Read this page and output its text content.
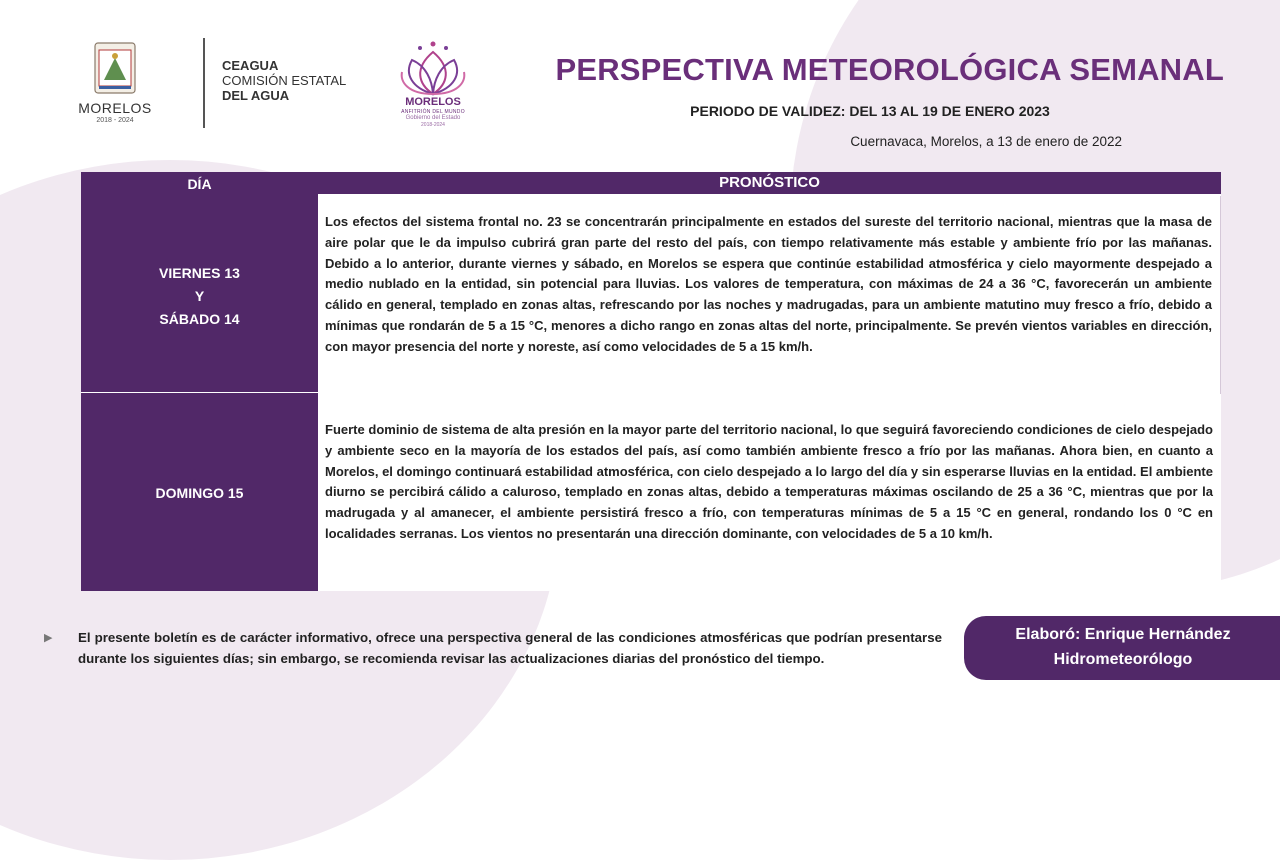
MORELOS
2018 - 2024
CEAGUA
COMISIÓN ESTATAL
DEL AGUA	MORELOS
ANFITRIÓN DEL MUNDO
Gobierno del Estado
2018-2024
PERSPECTIVA METEOROLÓGICA SEMANAL
PERIODO DE VALIDEZ: DEL 13 AL 19 DE ENERO 2023
Cuernavaca, Morelos, a 13 de enero de 2022
DÍA	PRONÓSTICO
VIERNES 13
Y
SÁBADO 14
DOMINGO 15
Los efectos del sistema frontal no. 23 se concentrarán principalmente en estados del sureste del territorio nacional, mientras que la masa de aire polar que le da impulso cubrirá gran parte del resto del país, con tiempo relativamente más estable y ambiente frío por las mañanas. Debido a lo anterior, durante viernes y sábado, en Morelos se espera que continúe estabilidad atmosférica y cielo mayormente despejado a medio nublado en la entidad, sin potencial para lluvias. Los valores de temperatura, con máximas de 24 a 36 °C, favorecerán un ambiente cálido en general, templado en zonas altas, refrescando por las noches y madrugadas, para un ambiente matutino muy fresco a frío, debido a mínimas que rondarán de 5 a 15 °C, menores a dicho rango en zonas altas del norte, principalmente. Se prevén vientos variables en dirección, con mayor presencia del norte y noreste, así como velocidades de 5 a 15 km/h.
Fuerte dominio de sistema de alta presión en la mayor parte del territorio nacional, lo que seguirá favoreciendo condiciones de cielo despejado y ambiente seco en la mayoría de los estados del país, así como también ambiente fresco a frío por las mañanas. Ahora bien, en cuanto a Morelos, el domingo continuará estabilidad atmosférica, con cielo despejado a lo largo del día y sin esperarse lluvias en la entidad. El ambiente diurno se percibirá cálido a caluroso, templado en zonas altas, debido a temperaturas máximas oscilando de 25 a 36 °C, mientras que por la madrugada y al amanecer, el ambiente persistirá fresco a frío, con temperaturas mínimas de 5 a 15 °C en general, rondando los 0 °C en localidades serranas. Los vientos no presentarán una dirección dominante, con velocidades de 5 a 10 km/h.
▶ El presente boletín es de carácter informativo, ofrece una perspectiva general de las condiciones atmosféricas que podrían presentarse durante los siguientes días; sin embargo, se recomienda revisar las actualizaciones diarias del pronóstico del tiempo.
Elaboró: Enrique Hernández
Hidrometeorólogo
